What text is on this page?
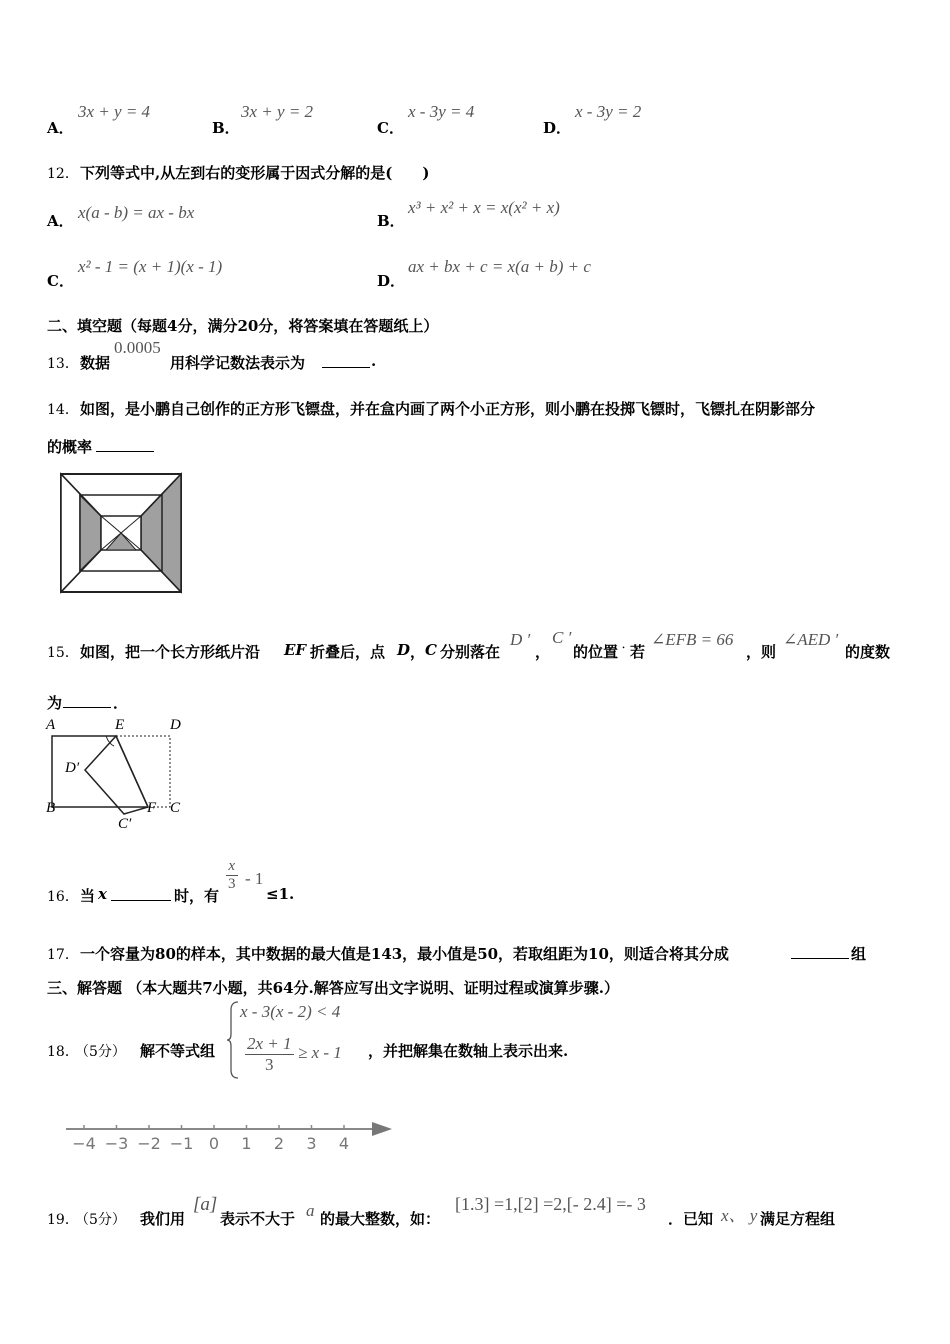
A．
3x + y = 4
B．
3x + y = 2
C．
x - 3y = 4
D．
x - 3y = 2
12． 下列等式中,从左到右的变形属于因式分解的是(　　)
A． x(a - b) = ax - bx	B．
x³ + x² + x = x(x² + x)
C．
x² - 1 = (x + 1)(x - 1)
D．
ax + bx + c = x(a + b) + c
二、填空题（每题4分，满分20分，将答案填在答题纸上）
13． 数据
0.0005
用科学记数法表示为	.
14． 如图，是小鹏自己创作的正方形飞镖盘，并在盒内画了两个小正方形，则小鹏在投掷飞镖时，飞镖扎在阴影部分
的概率
15． 如图，把一个长方形纸片沿 EF 折叠后，点 D ， C 分别落在
D ′
，
C ′
的位置 ．
若
∠EFB = 66
，则
∠AED ′
的度数
为	．
A	E	D
D′
B	F C
C′
16． 当 x	时，有
$\frac{x}{3} - 1$
≤1.
17． 一个容量为80的样本，其中数据的最大值是143，最小值是50，若取组距为10，则适合将其分成	组
三、解答题 （本大题共7小题，共64分.解答应写出文字说明、证明过程或演算步骤.）
18．
（5分） 解不等式组
x - 3(x - 2) < 4
$\frac{2x + 1}{3} \ge x - 1$ ，并把解集在数轴上表示出来.
−4 −3 −2 −1 0 1 2 3 4
19．
（5分） 我们用
[a]
表示不大于 a 的最大整数，如：
[1.3] =1,[2] =2,[- 2.4] =- 3
．已知 x、 y 满足方程组
